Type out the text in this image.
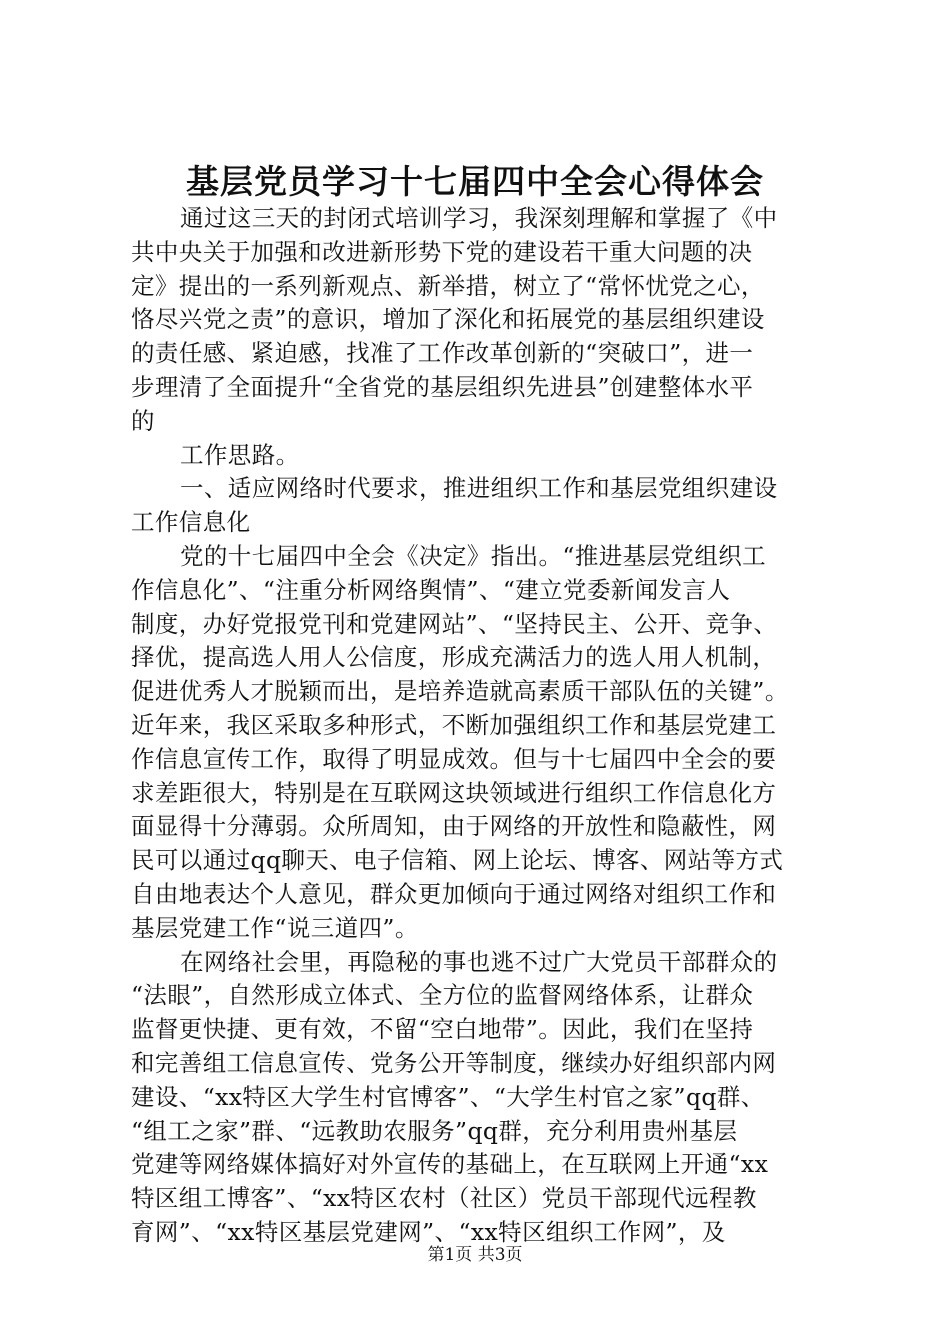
基层党员学习十七届四中全会心得体会
通过这三天的封闭式培训学习，我深刻理解和掌握了《中
共中央关于加强和改进新形势下党的建设若干重大问题的决
定》提出的一系列新观点、新举措，树立了“常怀忧党之心，
恪尽兴党之责”的意识，增加了深化和拓展党的基层组织建设
的责任感、紧迫感，找准了工作改革创新的“突破口”，进一
步理清了全面提升“全省党的基层组织先进县”创建整体水平
的
工作思路。
一、适应网络时代要求，推进组织工作和基层党组织建设
工作信息化
党的十七届四中全会《决定》指出。“推进基层党组织工
作信息化”、“注重分析网络舆情”、“建立党委新闻发言人
制度，办好党报党刊和党建网站”、“坚持民主、公开、竞争、
择优，提高选人用人公信度，形成充满活力的选人用人机制，
促进优秀人才脱颖而出，是培养造就高素质干部队伍的关键”。
近年来，我区采取多种形式，不断加强组织工作和基层党建工
作信息宣传工作，取得了明显成效。但与十七届四中全会的要
求差距很大，特别是在互联网这块领域进行组织工作信息化方
面显得十分薄弱。众所周知，由于网络的开放性和隐蔽性，网
民可以通过qq聊天、电子信箱、网上论坛、博客、网站等方式
自由地表达个人意见，群众更加倾向于通过网络对组织工作和
基层党建工作“说三道四”。
在网络社会里，再隐秘的事也逃不过广大党员干部群众的
“法眼”，自然形成立体式、全方位的监督网络体系，让群众
监督更快捷、更有效，不留“空白地带”。因此，我们在坚持
和完善组工信息宣传、党务公开等制度，继续办好组织部内网
建设、“xx特区大学生村官博客”、“大学生村官之家”qq群、
“组工之家”群、“远教助农服务”qq群，充分利用贵州基层
党建等网络媒体搞好对外宣传的基础上，在互联网上开通“xx
特区组工博客”、“xx特区农村（社区）党员干部现代远程教
育网”、“xx特区基层党建网”、“xx特区组织工作网”，及
第1页 共3页
